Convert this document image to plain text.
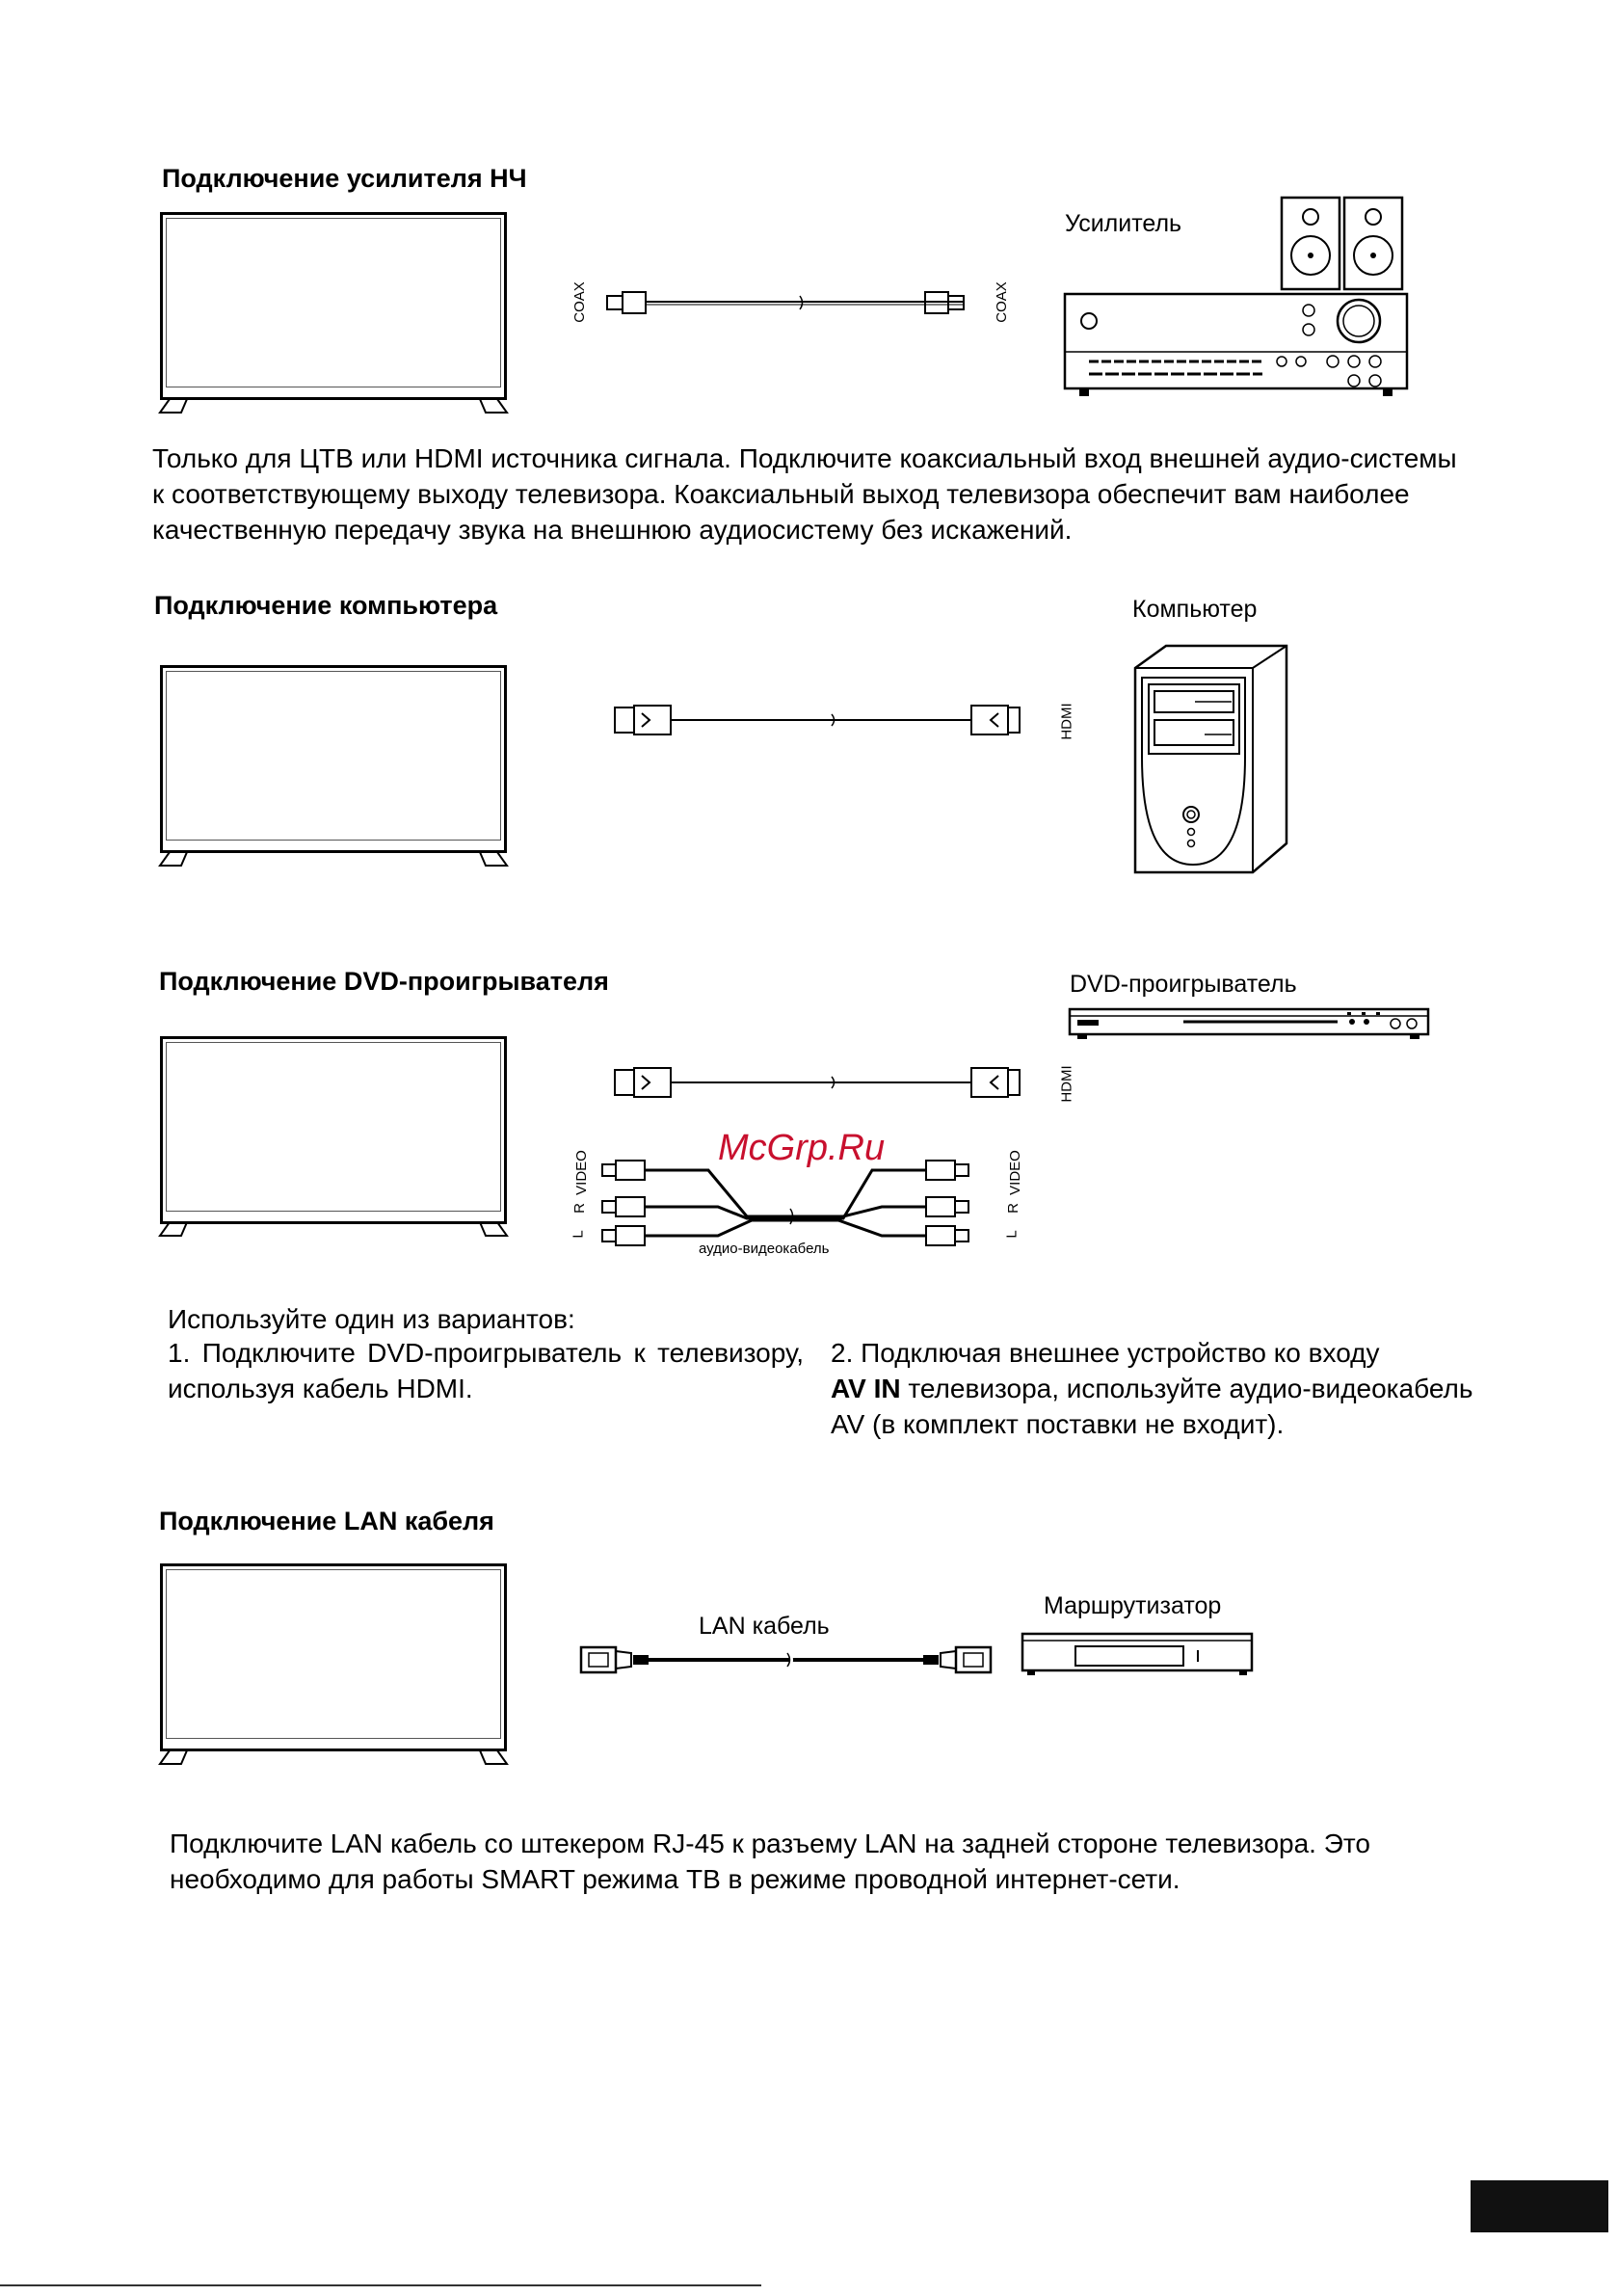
Подключение усилителя НЧ
COAX	COAX
Усилитель

Только для ЦТВ или HDMI источника сигнала. Подключите коаксиальный вход внешней аудио-системы к соответствующему выходу телевизора. Коаксиальный выход телевизора обеспечит вам наиболее качественную передачу звука на внешнюю аудиосистему без искажений.

Подключение компьютера
HDMI
Компьютер
Подключение DVD-проигрывателя
HDMI
L
R
VIDEO
аудио-видеокабель
VIDEO
R
L
McGrp.Ru
DVD-проигрыватель

Используйте один из вариантов:

1. Подключите DVD-проигрыватель к телевизору, используя кабель HDMI.

2. Подключая внешнее устройство ко входу
AV IN телевизора, используйте аудио-видеокабель AV (в комплект поставки не входит).

Подключение LAN кабеля
LAN кабель
Маршрутизатор

Подключите LAN кабель со штекером RJ-45 к разъему LAN на задней стороне телевизора. Это необходимо для работы SMART режима ТВ в режиме проводной интернет-сети.
